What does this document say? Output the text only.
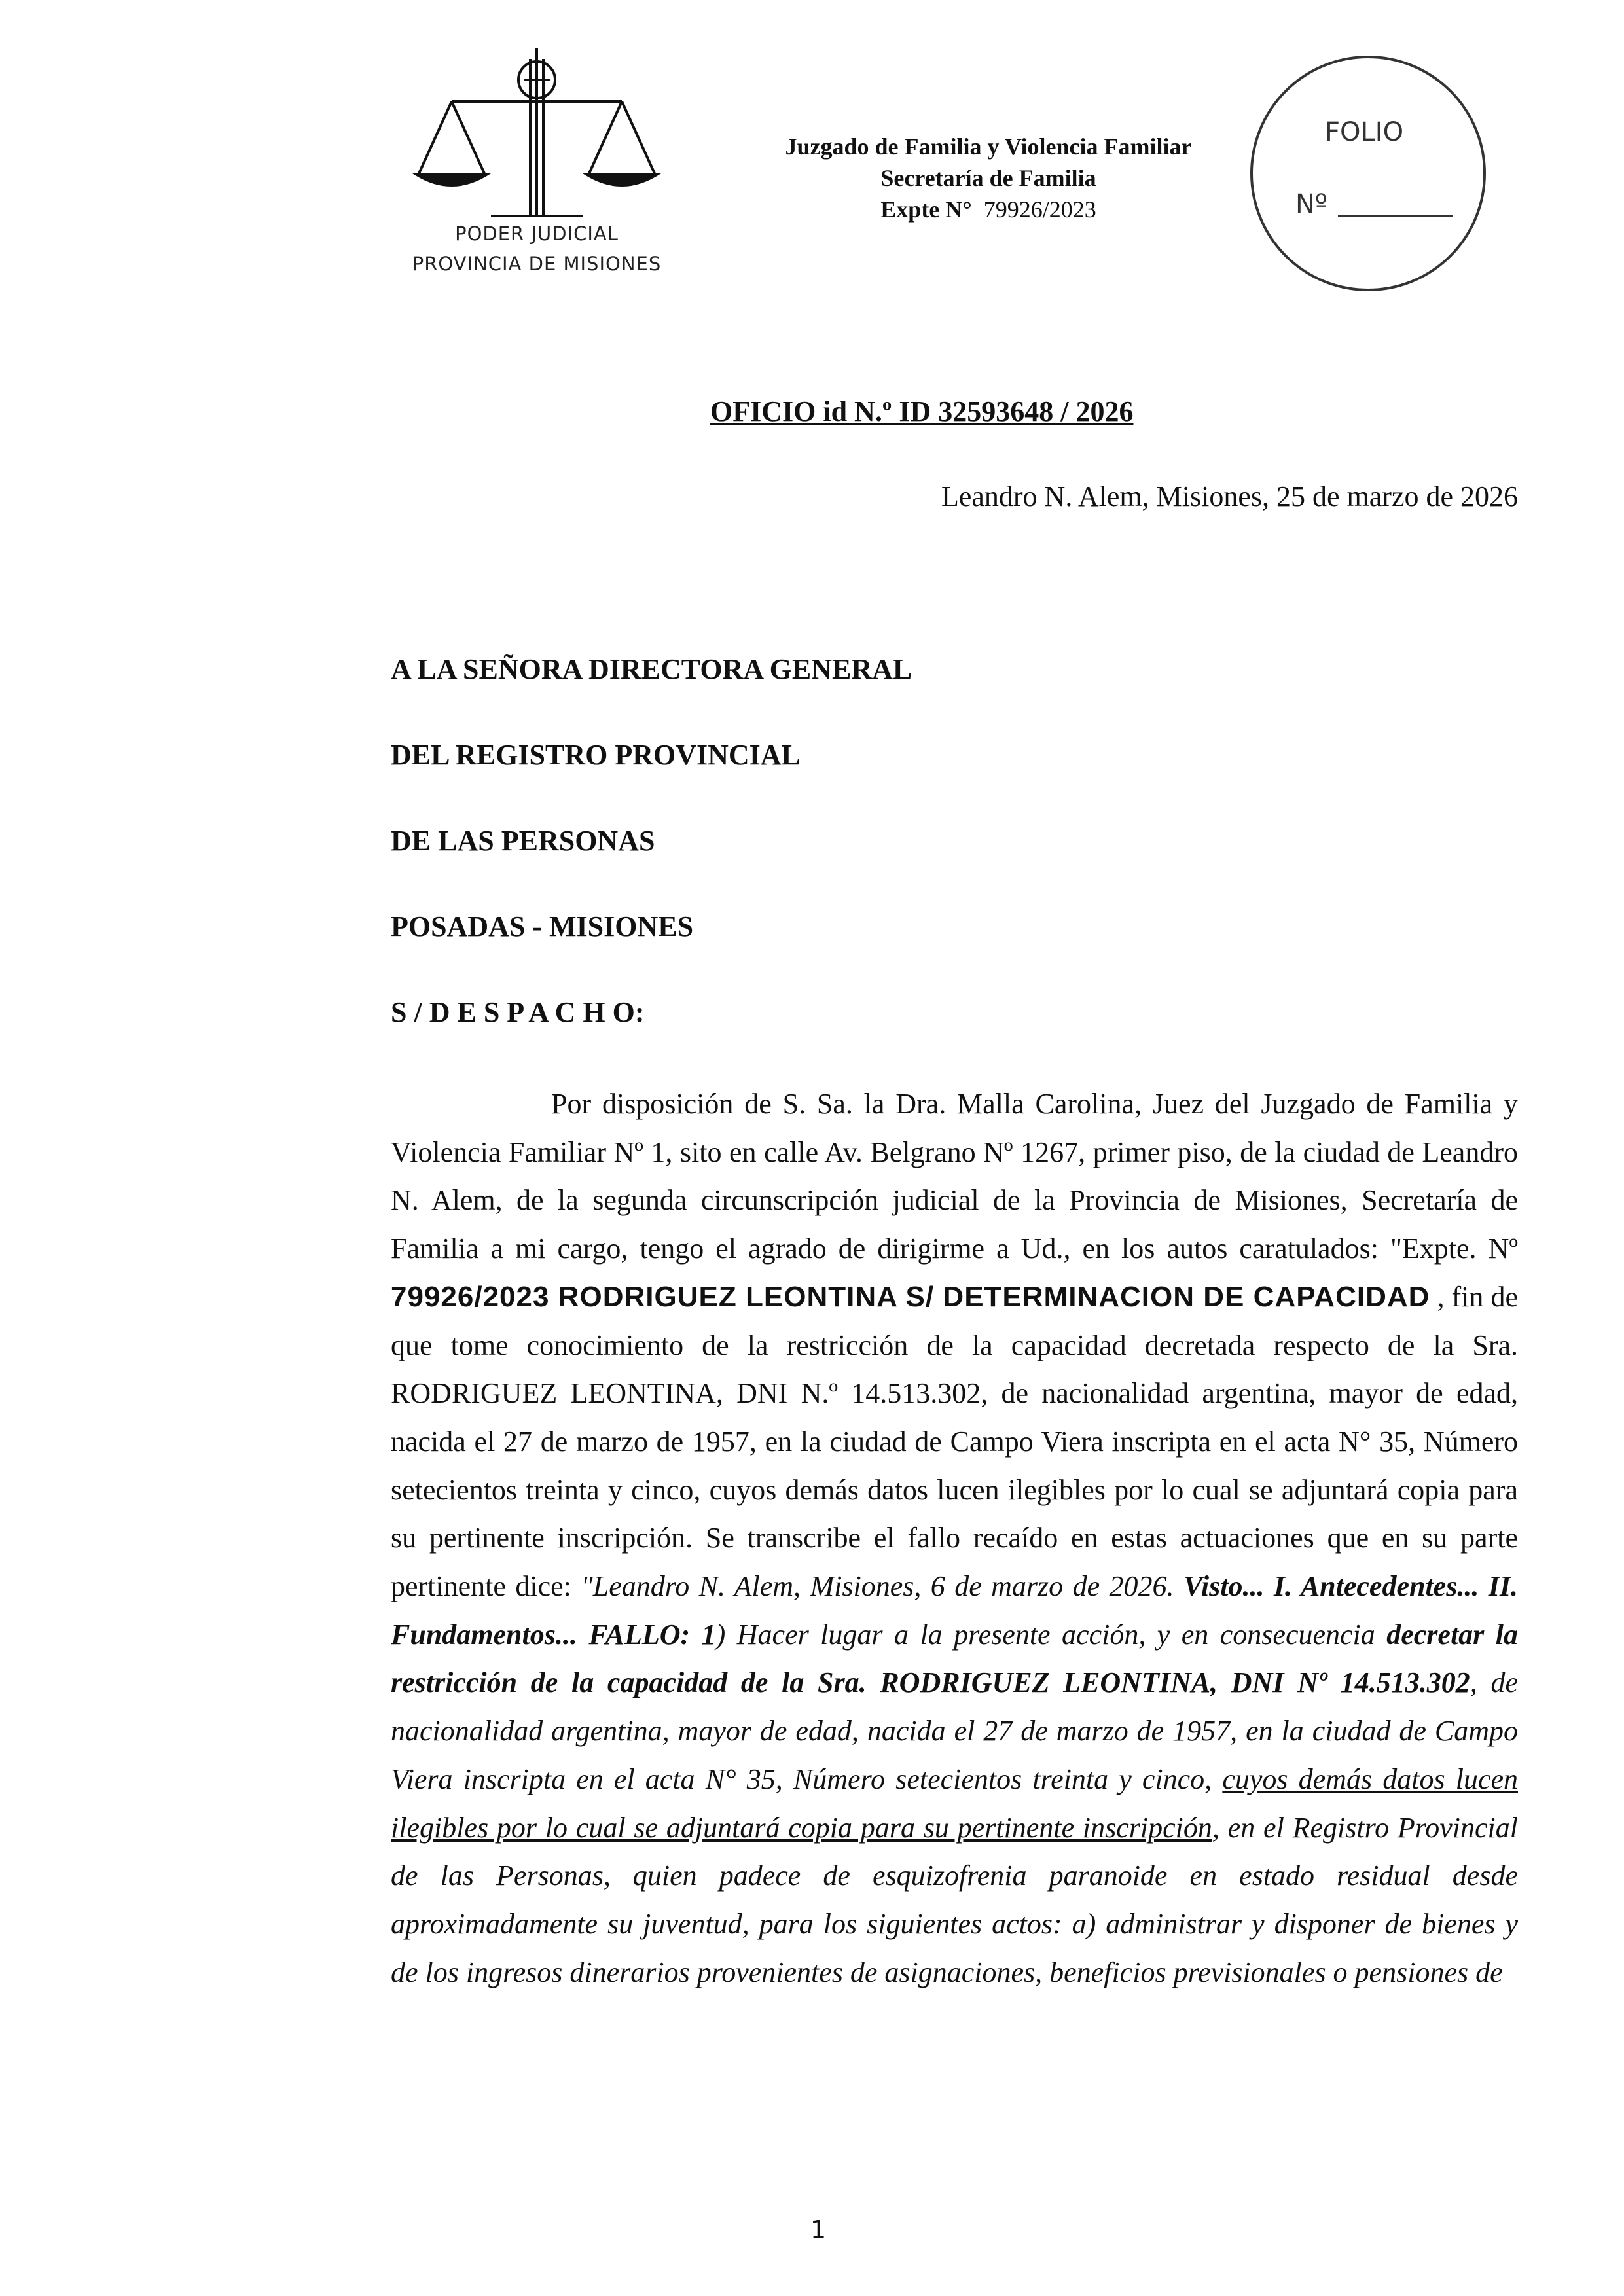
PODER JUDICIAL
PROVINCIA DE MISIONES
Juzgado de Familia y Violencia Familiar
Secretaría de Familia
Expte N° 79926/2023
FOLIO
Nº
OFICIO id N.º ID 32593648 / 2026
Leandro N. Alem, Misiones, 25 de marzo de 2026
A LA SEÑORA DIRECTORA GENERAL
DEL REGISTRO PROVINCIAL
DE LAS PERSONAS
POSADAS - MISIONES
S / D E S P A C H O:
Por disposición de S. Sa. la Dra. Malla Carolina, Juez del Juzgado de Familia y Violencia Familiar Nº 1, sito en calle Av. Belgrano Nº 1267, primer piso, de la ciudad de Leandro N. Alem, de la segunda circunscripción judicial de la Provincia de Misiones, Secretaría de Familia a mi cargo, tengo el agrado de dirigirme a Ud., en los autos caratulados: "Expte. Nº 79926/2023 RODRIGUEZ LEONTINA S/ DETERMINACION DE CAPACIDAD , fin de que tome conocimiento de la restricción de la capacidad decretada respecto de la Sra. RODRIGUEZ LEONTINA, DNI N.º 14.513.302, de nacionalidad argentina, mayor de edad, nacida el 27 de marzo de 1957, en la ciudad de Campo Viera inscripta en el acta N° 35, Número setecientos treinta y cinco, cuyos demás datos lucen ilegibles por lo cual se adjuntará copia para su pertinente inscripción. Se transcribe el fallo recaído en estas actuaciones que en su parte pertinente dice: "Leandro N. Alem, Misiones, 6 de marzo de 2026. Visto... I. Antecedentes... II. Fundamentos... FALLO: 1) Hacer lugar a la presente acción, y en consecuencia decretar la restricción de la capacidad de la Sra. RODRIGUEZ LEONTINA, DNI Nº 14.513.302, de nacionalidad argentina, mayor de edad, nacida el 27 de marzo de 1957, en la ciudad de Campo Viera inscripta en el acta N° 35, Número setecientos treinta y cinco, cuyos demás datos lucen ilegibles por lo cual se adjuntará copia para su pertinente inscripción, en el Registro Provincial de las Personas, quien padece de esquizofrenia paranoide en estado residual desde aproximadamente su juventud, para los siguientes actos: a) administrar y disponer de bienes y de los ingresos dinerarios provenientes de asignaciones, beneficios previsionales o pensiones de
1
